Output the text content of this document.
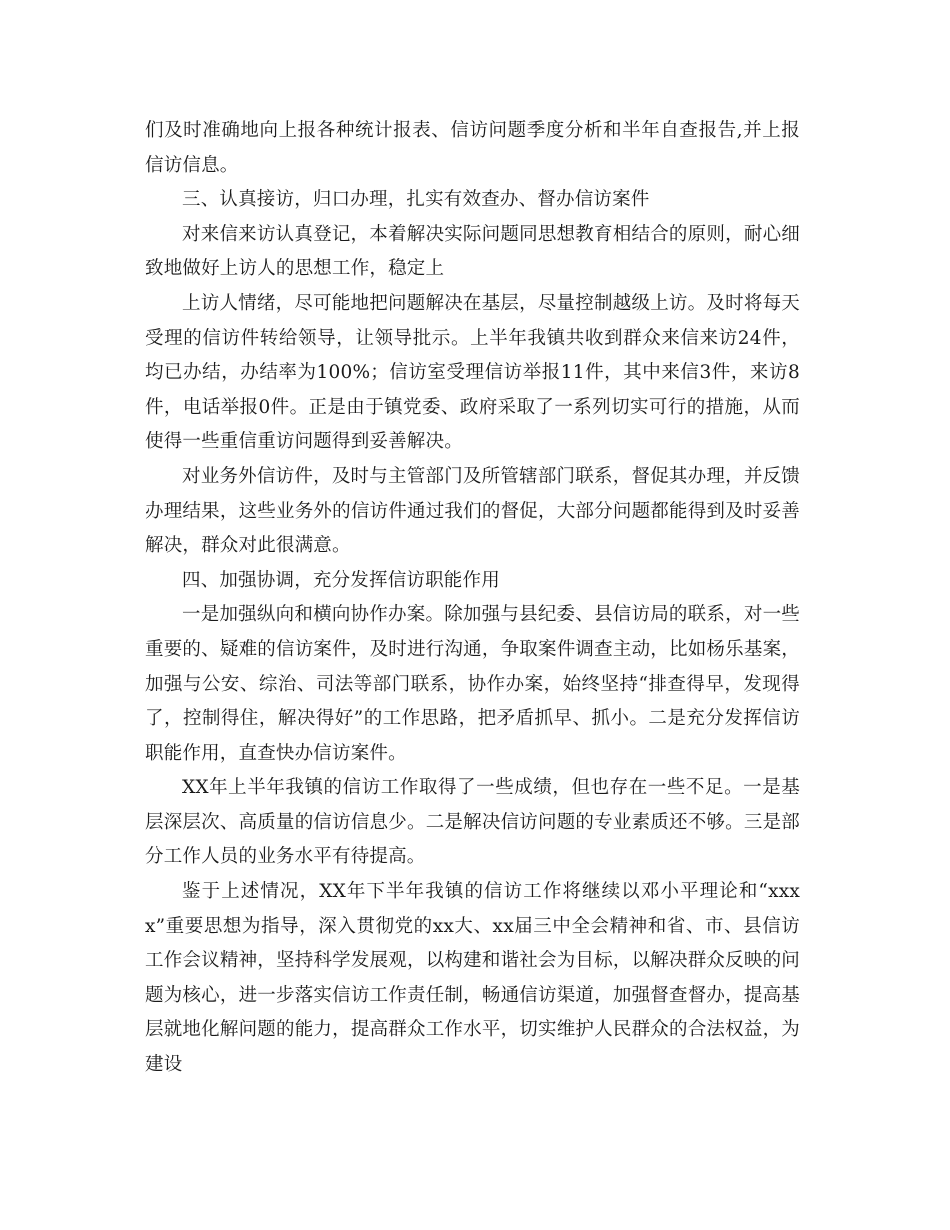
们及时准确地向上报各种统计报表、信访问题季度分析和半年自查报告,并上报信访信息。

三、认真接访，归口办理，扎实有效查办、督办信访案件

对来信来访认真登记，本着解决实际问题同思想教育相结合的原则，耐心细致地做好上访人的思想工作，稳定上

上访人情绪，尽可能地把问题解决在基层，尽量控制越级上访。及时将每天受理的信访件转给领导，让领导批示。上半年我镇共收到群众来信来访24件，均已办结，办结率为100%；信访室受理信访举报11件，其中来信3件，来访8件，电话举报0件。正是由于镇党委、政府采取了一系列切实可行的措施，从而使得一些重信重访问题得到妥善解决。

对业务外信访件，及时与主管部门及所管辖部门联系，督促其办理，并反馈办理结果，这些业务外的信访件通过我们的督促，大部分问题都能得到及时妥善解决，群众对此很满意。

四、加强协调，充分发挥信访职能作用

一是加强纵向和横向协作办案。除加强与县纪委、县信访局的联系，对一些重要的、疑难的信访案件，及时进行沟通，争取案件调查主动，比如杨乐基案，加强与公安、综治、司法等部门联系，协作办案，始终坚持“排查得早，发现得了，控制得住，解决得好”的工作思路，把矛盾抓早、抓小。二是充分发挥信访职能作用，直查快办信访案件。

XX年上半年我镇的信访工作取得了一些成绩，但也存在一些不足。一是基层深层次、高质量的信访信息少。二是解决信访问题的专业素质还不够。三是部分工作人员的业务水平有待提高。

鉴于上述情况，XX年下半年我镇的信访工作将继续以邓小平理论和“xxxx”重要思想为指导，深入贯彻党的xx大、xx届三中全会精神和省、市、县信访工作会议精神，坚持科学发展观，以构建和谐社会为目标，以解决群众反映的问题为核心，进一步落实信访工作责任制，畅通信访渠道，加强督查督办，提高基层就地化解问题的能力，提高群众工作水平，切实维护人民群众的合法权益，为建设
